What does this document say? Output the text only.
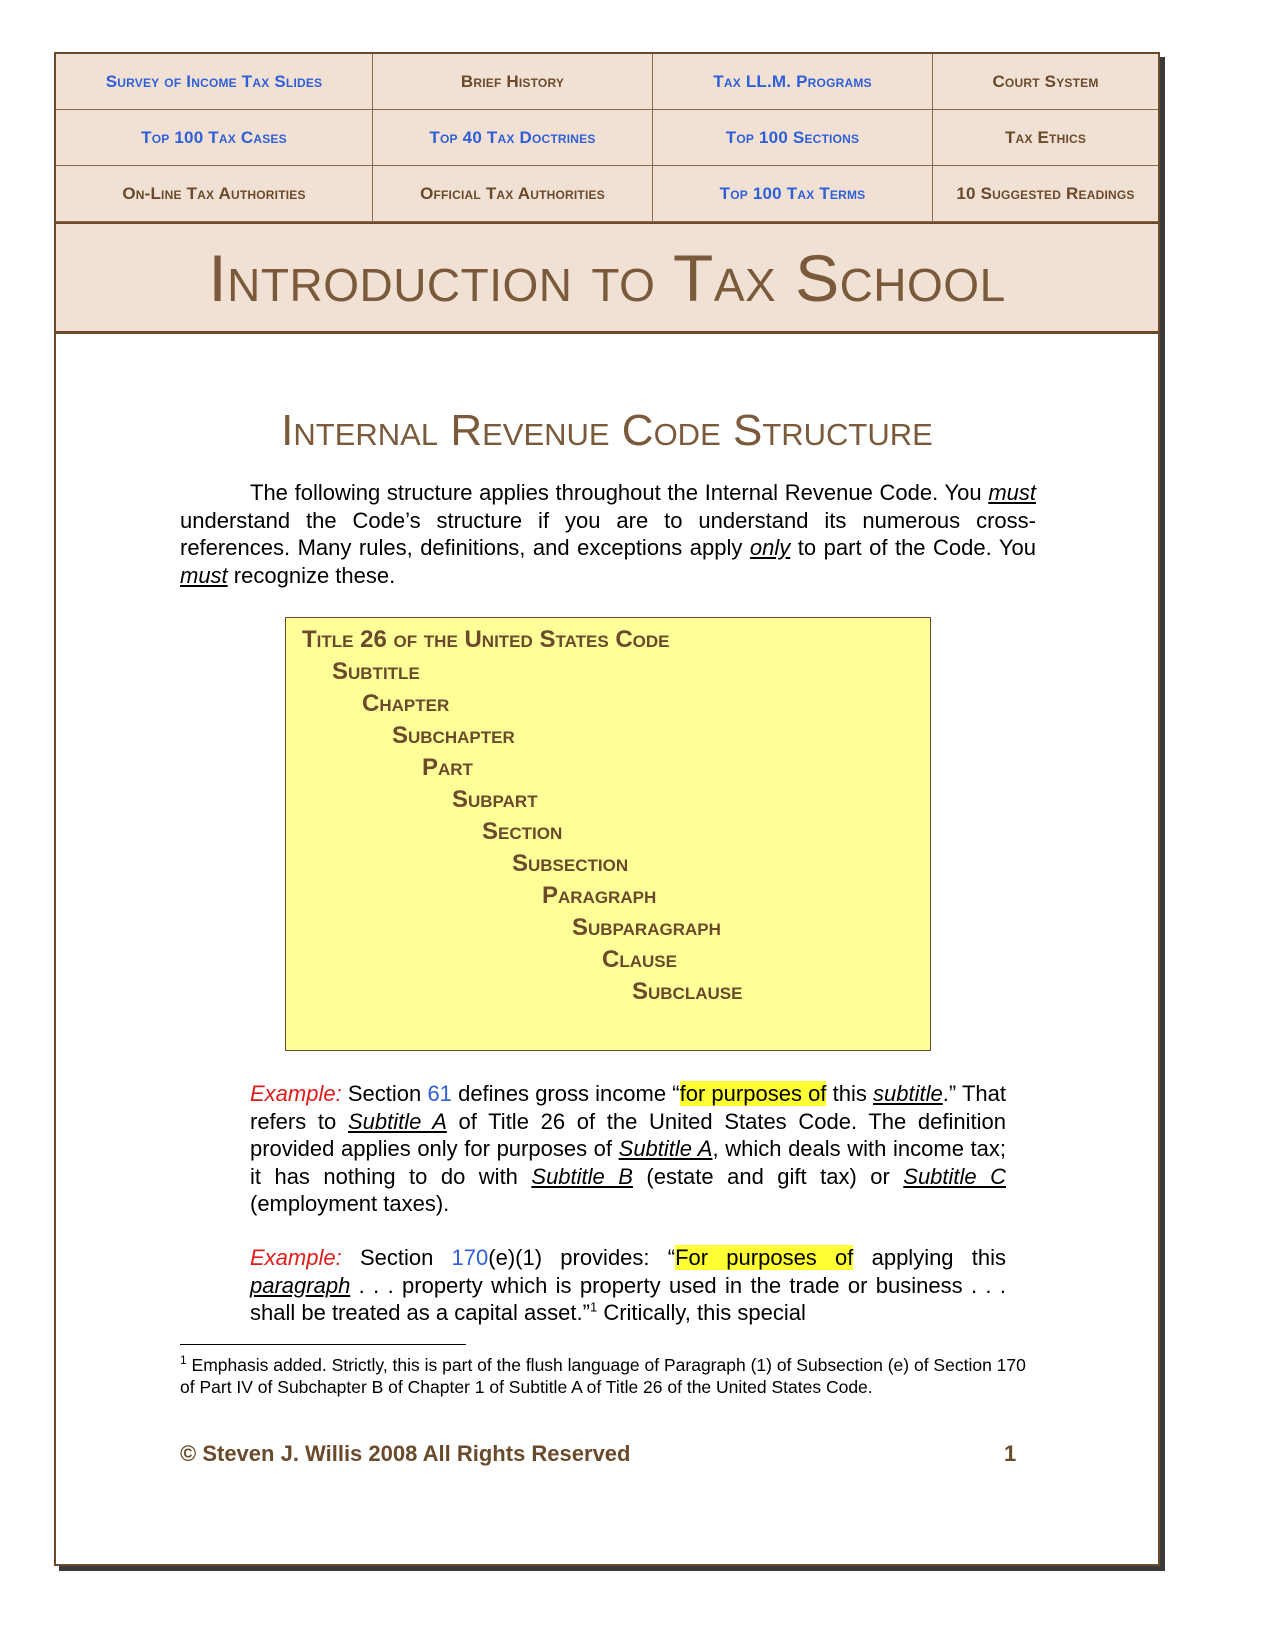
Survey of Income Tax Slides	Brief History	Tax LL.M. Programs	Court System
Top 100 Tax Cases	Top 40 Tax Doctrines	Top 100 Sections	Tax Ethics
On-Line Tax Authorities	Official Tax Authorities	Top 100 Tax Terms	10 Suggested Readings
Introduction to Tax School
Internal Revenue Code Structure
The following structure applies throughout the Internal Revenue Code. You must understand the Code’s structure if you are to understand its numerous cross-references. Many rules, definitions, and exceptions apply only to part of the Code. You must recognize these.
Title 26 of the United States Code
Subtitle
Chapter
Subchapter
Part
Subpart
Section
Subsection
Paragraph
Subparagraph
Clause
Subclause
Example: Section 61 defines gross income “for purposes of this subtitle.” That refers to Subtitle A of Title 26 of the United States Code. The definition provided applies only for purposes of Subtitle A, which deals with income tax; it has nothing to do with Subtitle B (estate and gift tax) or Subtitle C (employment taxes).
Example: Section 170(e)(1) provides: “For purposes of applying this paragraph . . . property which is property used in the trade or business . . . shall be treated as a capital asset.”$^1$ Critically, this special
$^1$ Emphasis added. Strictly, this is part of the flush language of Paragraph (1) of Subsection (e) of Section 170 of Part IV of Subchapter B of Chapter 1 of Subtitle A of Title 26 of the United States Code.
© Steven J. Willis 2008 All Rights Reserved	1
